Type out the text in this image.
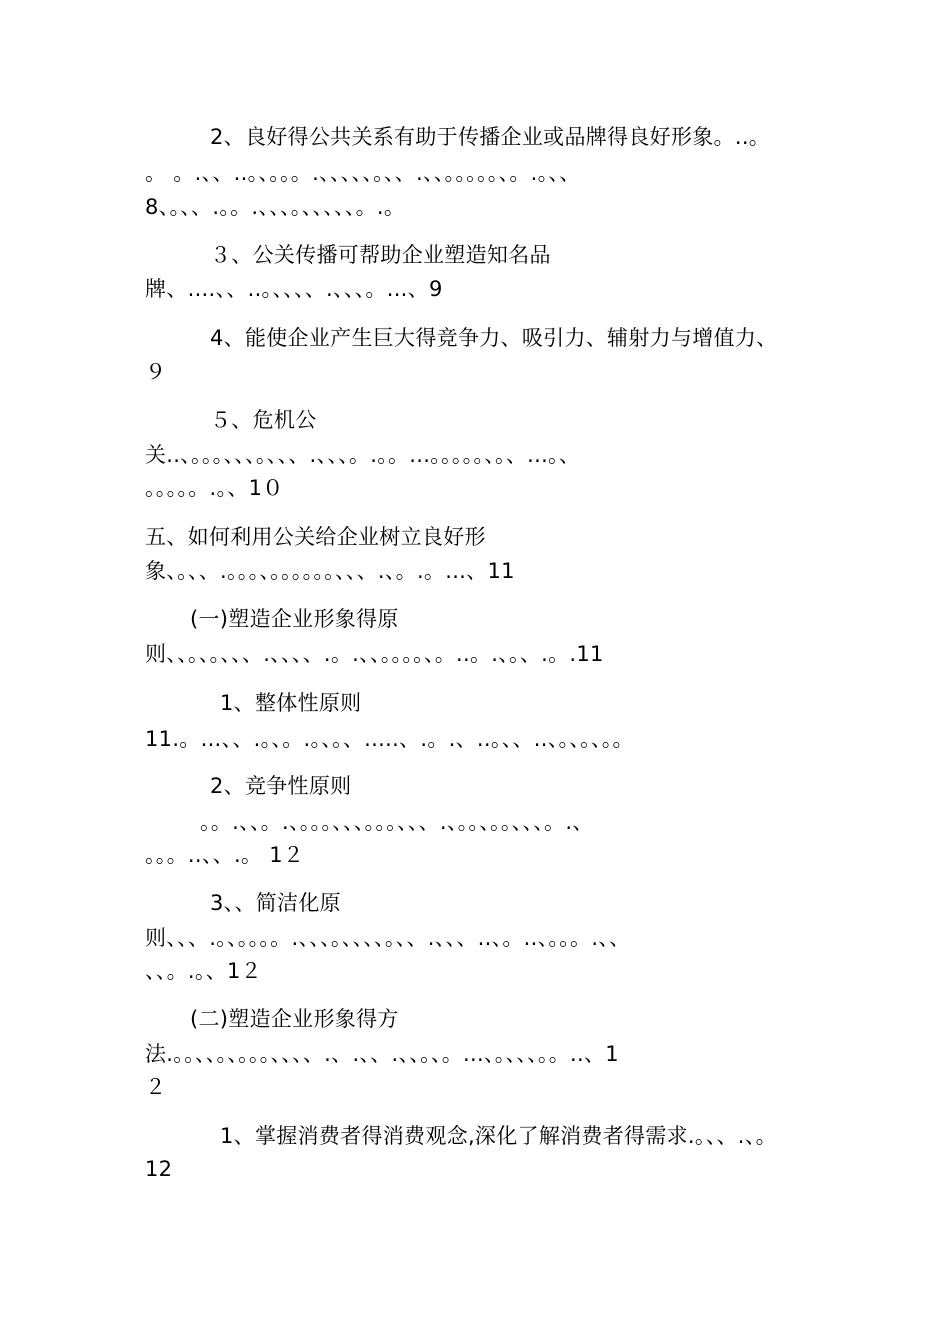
2、良好得公共关系有助于传播企业或品牌得良好形象。..。
。 。.、、..。、。。。.、、、、、。、、.、、。。。。。、。.。、、
8、。、、.。。.、、、。、、、、、。.。
３、公关传播可帮助企业塑造知名品
牌、....、、..。、、、、.、、、。...、9
4、能使企业产生巨大得竞争力、吸引力、辅射力与增值力、
９
５、危机公
关..、。。。、、、。、、、.、、、。.。。...。。。。。、。、...。、
。。。。。.。、1０
五、如何利用公关给企业树立良好形
象、。、、.。。。、。。。。。。、、、.、。.。...、11
(一)塑造企业形象得原
则、、。、。、、、.、、、、.。.、、。。。。、。..。.、。、.。.11
1、整体性原则
11.。...、、.。、。.。、。、.....、.。.、..。、、..、。、。、。。
2、竞争性原则
。。.、、。.、。。。、、、。。。、、、.、。。、。。、、、。.、
。。。..、、.。 1２
3、、简洁化原
则、、、.。、。。。。.、、、。、、、、。、、.、、、..、。..、。。。.、、
、、。.。、1２
(二)塑造企业形象得方
法.。。、、。、。。。、、、、.、.、、.、、。、。...、。、、、。。..、1
２
1、掌握消费者得消费观念,深化了解消费者得需求.。、、.、。
12
